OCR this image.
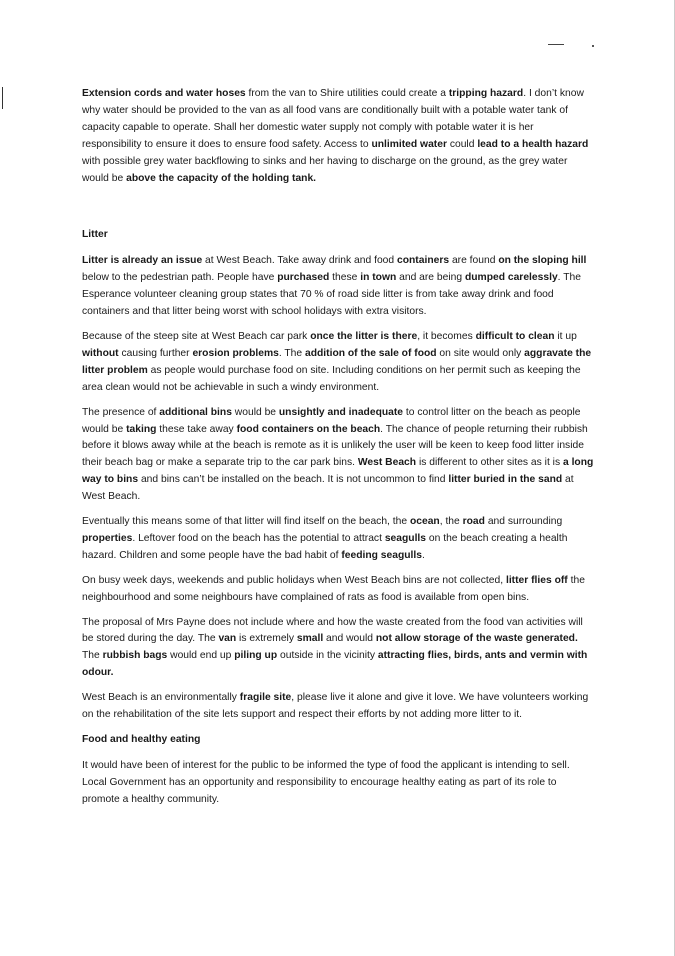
Extension cords and water hoses from the van to Shire utilities could create a tripping hazard. I don’t know why water should be provided to the van as all food vans are conditionally built with a potable water tank of capacity capable to operate. Shall her domestic water supply not comply with potable water it is her responsibility to ensure it does to ensure food safety. Access to unlimited water could lead to a health hazard with possible grey water backflowing to sinks and her having to discharge on the ground, as the grey water would be above the capacity of the holding tank.

Litter

Litter is already an issue at West Beach. Take away drink and food containers are found on the sloping hill below to the pedestrian path. People have purchased these in town and are being dumped carelessly. The Esperance volunteer cleaning group states that 70 % of road side litter is from take away drink and food containers and that litter being worst with school holidays with extra visitors.

Because of the steep site at West Beach car park once the litter is there, it becomes difficult to clean it up without causing further erosion problems. The addition of the sale of food on site would only aggravate the litter problem as people would purchase food on site. Including conditions on her permit such as keeping the area clean would not be achievable in such a windy environment.

The presence of additional bins would be unsightly and inadequate to control litter on the beach as people would be taking these take away food containers on the beach. The chance of people returning their rubbish before it blows away while at the beach is remote as it is unlikely the user will be keen to keep food litter inside their beach bag or make a separate trip to the car park bins. West Beach is different to other sites as it is a long way to bins and bins can’t be installed on the beach. It is not uncommon to find litter buried in the sand at West Beach.

Eventually this means some of that litter will find itself on the beach, the ocean, the road and surrounding properties. Leftover food on the beach has the potential to attract seagulls on the beach creating a health hazard. Children and some people have the bad habit of feeding seagulls.

On busy week days, weekends and public holidays when West Beach bins are not collected, litter flies off the neighbourhood and some neighbours have complained of rats as food is available from open bins.

The proposal of Mrs Payne does not include where and how the waste created from the food van activities will be stored during the day. The van is extremely small and would not allow storage of the waste generated. The rubbish bags would end up piling up outside in the vicinity attracting flies, birds, ants and vermin with odour.

West Beach is an environmentally fragile site, please live it alone and give it love. We have volunteers working on the rehabilitation of the site lets support and respect their efforts by not adding more litter to it.

Food and healthy eating

It would have been of interest for the public to be informed the type of food the applicant is intending to sell. Local Government has an opportunity and responsibility to encourage healthy eating as part of its role to promote a healthy community.
